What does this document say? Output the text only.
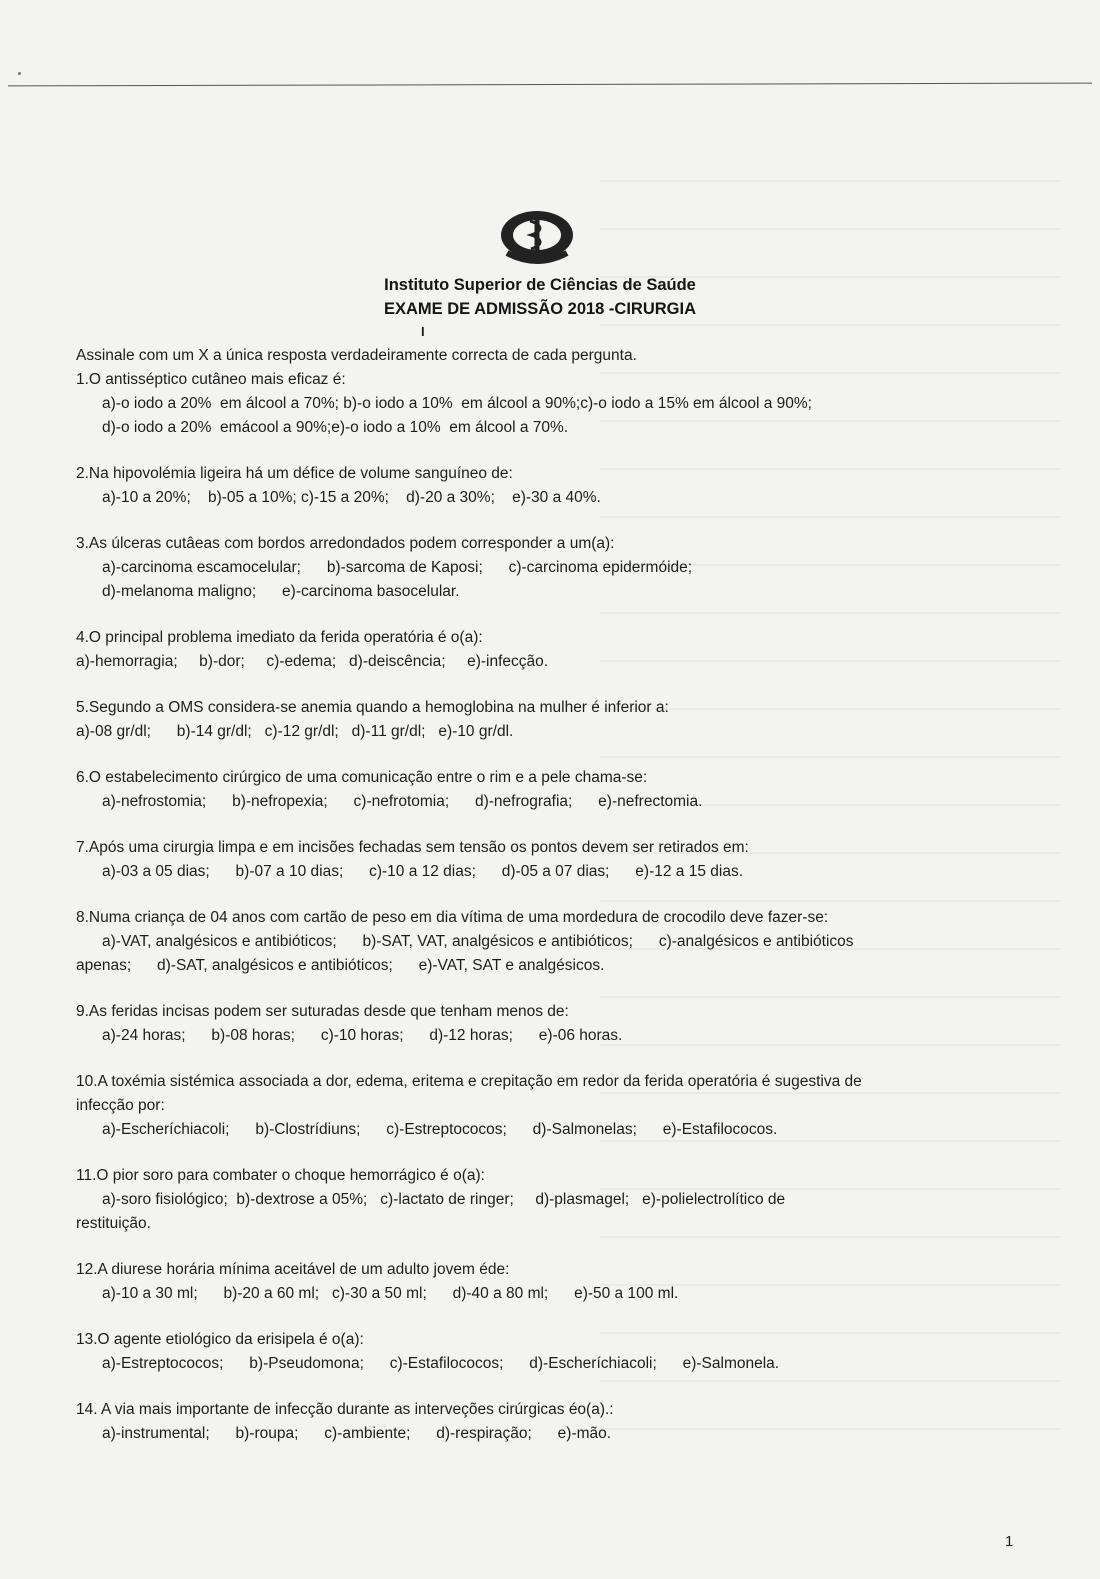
Instituto Superior de Ciências de Saúde
EXAME DE ADMISSÃO 2018 -CIRURGIA
I
Assinale com um X a única resposta verdadeiramente correcta de cada pergunta.
1.O antisséptico cutâneo mais eficaz é:
a)-o iodo a 20%  em álcool a 70%; b)-o iodo a 10%  em álcool a 90%;c)-o iodo a 15% em álcool a 90%;
d)-o iodo a 20%  emácool a 90%;e)-o iodo a 10%  em álcool a 70%.
2.Na hipovolémia ligeira há um défice de volume sanguíneo de:
a)-10 a 20%;    b)-05 a 10%; c)-15 a 20%;    d)-20 a 30%;    e)-30 a 40%.
3.As úlceras cutâeas com bordos arredondados podem corresponder a um(a):
a)-carcinoma escamocelular;      b)-sarcoma de Kaposi;      c)-carcinoma epidermóide;
d)-melanoma maligno;      e)-carcinoma basocelular.
4.O principal problema imediato da ferida operatória é o(a):
a)-hemorragia;     b)-dor;     c)-edema;   d)-deiscência;     e)-infecção.
5.Segundo a OMS considera-se anemia quando a hemoglobina na mulher é inferior a:
a)-08 gr/dl;      b)-14 gr/dl;   c)-12 gr/dl;   d)-11 gr/dl;   e)-10 gr/dl.
6.O estabelecimento cirúrgico de uma comunicação entre o rim e a pele chama-se:
a)-nefrostomia;      b)-nefropexia;      c)-nefrotomia;      d)-nefrografia;      e)-nefrectomia.
7.Após uma cirurgia limpa e em incisões fechadas sem tensão os pontos devem ser retirados em:
a)-03 a 05 dias;      b)-07 a 10 dias;      c)-10 a 12 dias;      d)-05 a 07 dias;      e)-12 a 15 dias.
8.Numa criança de 04 anos com cartão de peso em dia vítima de uma mordedura de crocodilo deve fazer-se:
a)-VAT, analgésicos e antibióticos;      b)-SAT, VAT, analgésicos e antibióticos;      c)-analgésicos e antibióticos
apenas;      d)-SAT, analgésicos e antibióticos;      e)-VAT, SAT e analgésicos.
9.As feridas incisas podem ser suturadas desde que tenham menos de:
a)-24 horas;      b)-08 horas;      c)-10 horas;      d)-12 horas;      e)-06 horas.
10.A toxémia sistémica associada a dor, edema, eritema e crepitação em redor da ferida operatória é sugestiva de
infecção por:
a)-Escheríchiacoli;      b)-Clostrídiuns;      c)-Estreptococos;      d)-Salmonelas;      e)-Estafilococos.
11.O pior soro para combater o choque hemorrágico é o(a):
a)-soro fisiológico;  b)-dextrose a 05%;   c)-lactato de ringer;     d)-plasmagel;   e)-polielectrolítico de
restituição.
12.A diurese horária mínima aceitável de um adulto jovem éde:
a)-10 a 30 ml;      b)-20 a 60 ml;   c)-30 a 50 ml;      d)-40 a 80 ml;      e)-50 a 100 ml.
13.O agente etiológico da erisipela é o(a):
a)-Estreptococos;      b)-Pseudomona;      c)-Estafilococos;      d)-Escheríchiacoli;      e)-Salmonela.
14. A via mais importante de infecção durante as interveções cirúrgicas éo(a).:
a)-instrumental;      b)-roupa;      c)-ambiente;      d)-respiração;      e)-mão.
1
